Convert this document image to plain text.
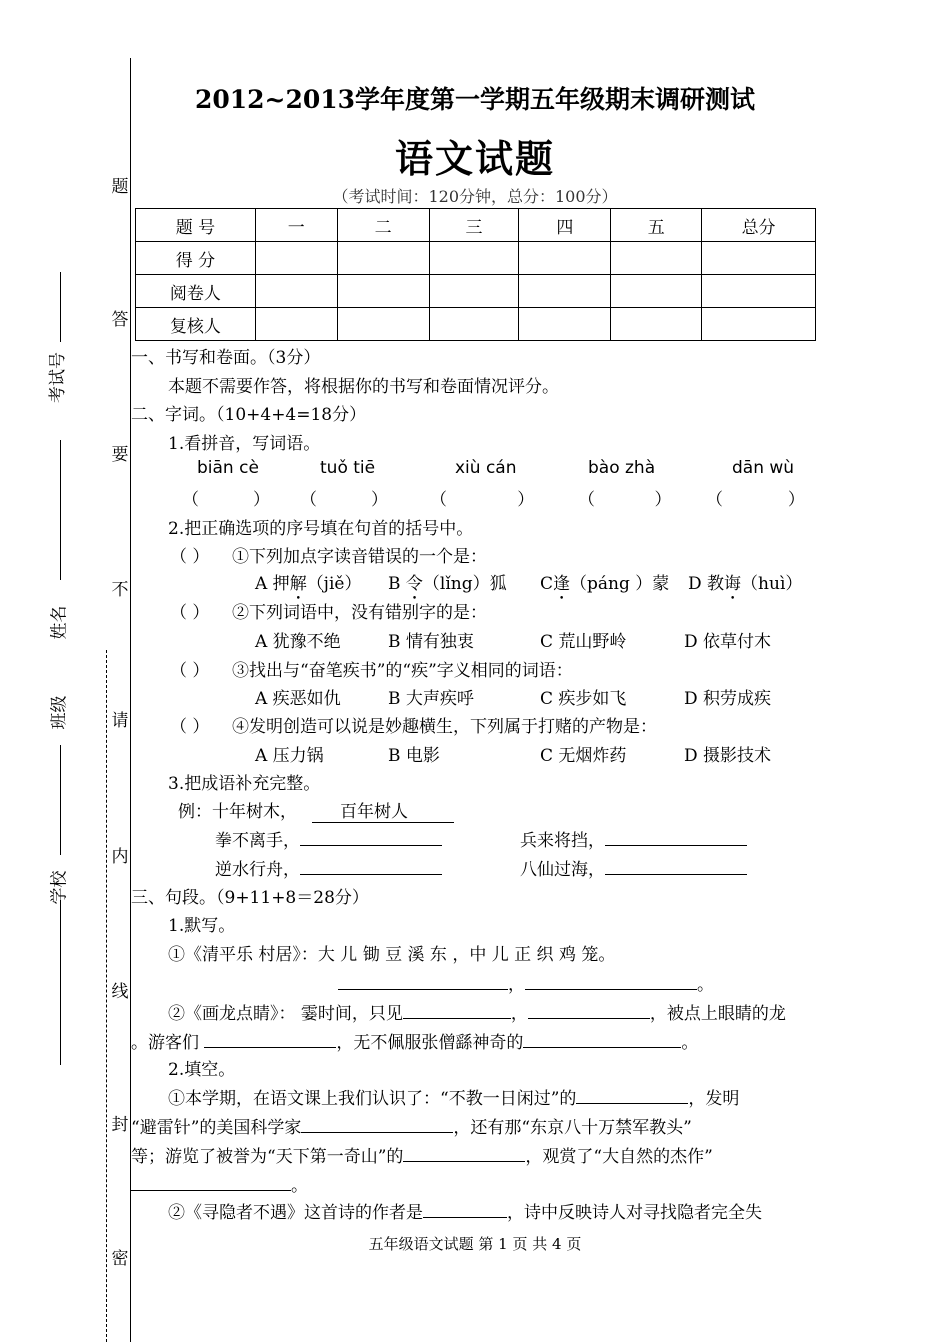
题
答
要
不
请
内
线
封
密
考试号
姓名
班级
学校
2012~2013学年度第一学期五年级期末调研测试
语文试题
（考试时间：120分钟，总分：100分）
题 号	一	二	三	四	五	总分
得 分						
阅卷人						
复核人						
一、书写和卷面。（3分）
本题不需要作答，将根据你的书写和卷面情况评分。
二、字词。（10+4+4=18分）
1.看拼音，写词语。
biān cè	tuǒ tiē	xiù cán	bào zhà	dān wù
（          ） （          ） （             ）	（           ） （            ）
2.把正确选项的序号填在句首的括号中。
（ ） ①下列加点字读音错误的一个是：
A 押解（jiě） B 令（lǐng）狐 C逢（páng ）蒙 D 教诲（huì）
（ ） ②下列词语中，没有错别字的是：
A 犹豫不绝	B 情有独衷	C 荒山野岭	D 依草付木
（ ） ③找出与“奋笔疾书”的“疾”字义相同的词语：
A 疾恶如仇	B 大声疾呼	C 疾步如飞	D 积劳成疾
（ ） ④发明创造可以说是妙趣横生，下列属于打赌的产物是：
A 压力锅	B 电影	C 无烟炸药	D 摄影技术
3.把成语补充完整。
例：十年树木，	百年树人
拳不离手，	兵来将挡，
逆水行舟，	八仙过海，
三、句段。（9+11+8＝28分）
1.默写。
①《清平乐 村居》：大 儿 锄 豆 溪 东 ，中 儿 正 织 鸡 笼。
，	。
②《画龙点睛》： 霎时间，只见	，	，被点上眼睛的龙
。游客们	，无不佩服张僧繇神奇的	。
2.填空。
①本学期，在语文课上我们认识了：“不教一日闲过”的	，发明
“避雷针”的美国科学家	，还有那“东京八十万禁军教头”
等；游览了被誉为“天下第一奇山”的	，观赏了“大自然的杰作”
。
②《寻隐者不遇》这首诗的作者是	，诗中反映诗人对寻找隐者完全失
五年级语文试题 第 1 页 共 4 页
